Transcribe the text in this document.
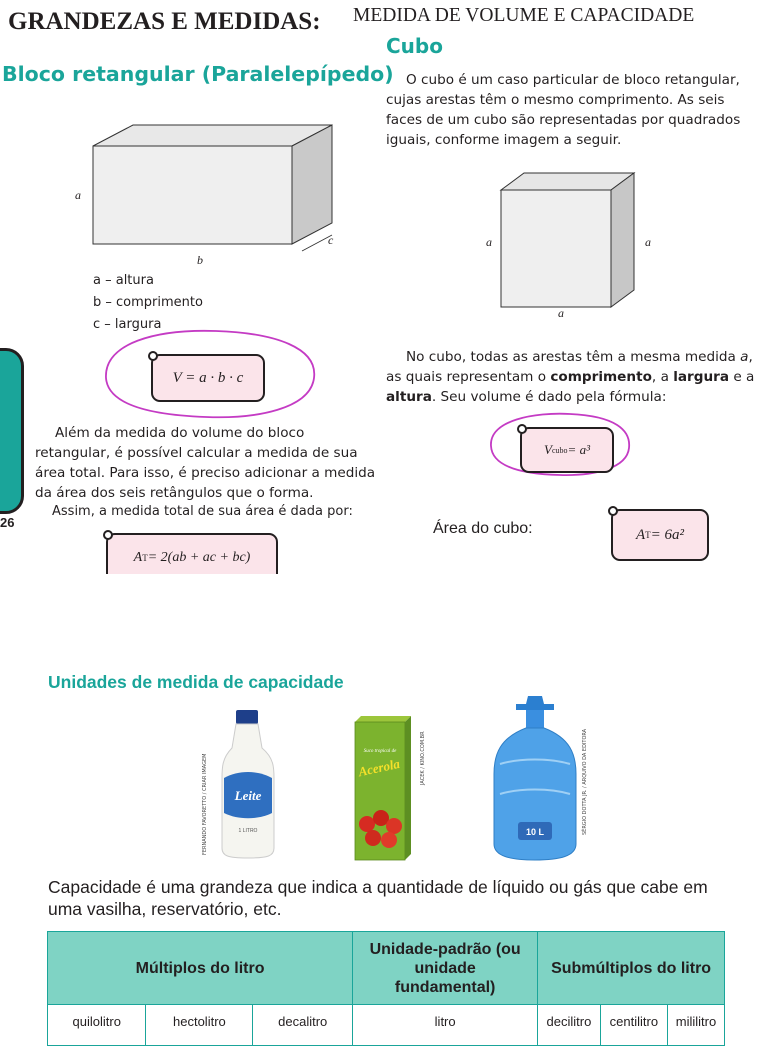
GRANDEZAS E MEDIDAS: MEDIDA DE VOLUME E CAPACIDADE
Bloco retangular (Paralelepípedo)
a
b
c
a – altura
b – comprimento
c – largura
V = a · b · c
Além da medida do volume do bloco retangular, é possível calcular a medida de sua área total. Para isso, é preciso adicionar a medida da área dos seis retângulos que o forma.
Assim, a medida total de sua área é dada por:
26
A T = 2(ab + ac + bc)
Cubo
O cubo é um caso particular de bloco retangular, cujas arestas têm o mesmo comprimento. As seis faces de um cubo são representadas por quadrados iguais, conforme imagem a seguir.
a	a
a
No cubo, todas as arestas têm a mesma medida a, as quais representam o comprimento, a largura e a altura. Seu volume é dado pela fórmula:
V cubo = a³
Área do cubo:	A T = 6a²
Unidades de medida de capacidade
Leite
1 LITRO
FERNANDO FAVORETTO / CRIAR IMAGEM
Suco tropical de
Acerola	JACEK / KINO.COM.BR
10 L	SÉRGIO DOTTA JR. / ARQUIVO DA EDITORA
Capacidade é uma grandeza que indica a quantidade de líquido ou gás que cabe em uma vasilha, reservatório, etc.
Múltiplos do litro			Unidade-padrão (ou unidade fundamental)	Submúltiplos do litro		
quilolitro	hectolitro	decalitro	litro	decilitro	centilitro	mililitro
